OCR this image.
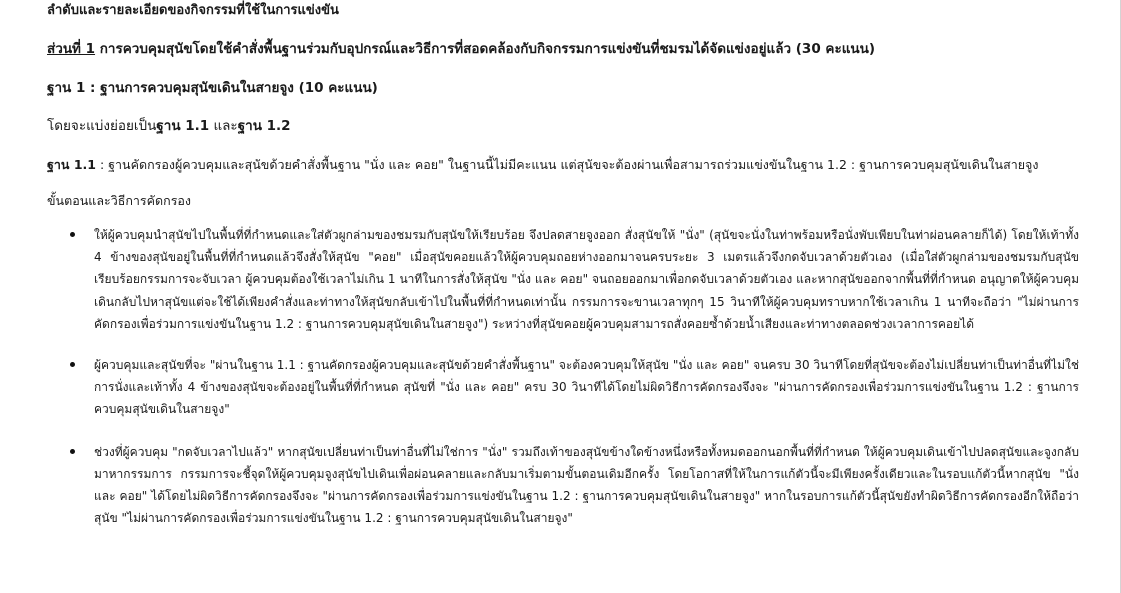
ลำดับและรายละเอียดของกิจกรรมที่ใช้ในการแข่งขัน
ส่วนที่ 1 การควบคุมสุนัขโดยใช้คำสั่งพื้นฐานร่วมกับอุปกรณ์และวิธีการที่สอดคล้องกับกิจกรรมการแข่งขันที่ชมรมได้จัดแข่งอยู่แล้ว (30 คะแนน)
ฐาน 1 : ฐานการควบคุมสุนัขเดินในสายจูง (10 คะแนน)
โดยจะแบ่งย่อยเป็นฐาน 1.1 และฐาน 1.2
ฐาน 1.1 : ฐานคัดกรองผู้ควบคุมและสุนัขด้วยคำสั่งพื้นฐาน "นั่ง และ คอย" ในฐานนี้ไม่มีคะแนน แต่สุนัขจะต้องผ่านเพื่อสามารถร่วมแข่งขันในฐาน 1.2 : ฐานการควบคุมสุนัขเดินในสายจูง
ขั้นตอนและวิธีการคัดกรอง
ให้ผู้ควบคุมนำสุนัขไปในพื้นที่ที่กำหนดและใส่ตัวผูกล่ามของชมรมกับสุนัขให้เรียบร้อย จึงปลดสายจูงออก สั่งสุนัขให้ "นั่ง" (สุนัขจะนั่งในท่าพร้อมหรือนั่งพับเพียบในท่าผ่อนคลายก็ได้) โดยให้เท้าทั้ง 4 ข้างของสุนัขอยู่ในพื้นที่ที่กำหนดแล้วจึงสั่งให้สุนัข "คอย" เมื่อสุนัขคอยแล้วให้ผู้ควบคุมถอยห่างออกมาจนครบระยะ 3 เมตรแล้วจึงกดจับเวลาด้วยตัวเอง (เมื่อใส่ตัวผูกล่ามของชมรมกับสุนัขเรียบร้อยกรรมการจะจับเวลา ผู้ควบคุมต้องใช้เวลาไม่เกิน 1 นาทีในการสั่งให้สุนัข "นั่ง และ คอย" จนถอยออกมาเพื่อกดจับเวลาด้วยตัวเอง และหากสุนัขออกจากพื้นที่ที่กำหนด อนุญาตให้ผู้ควบคุมเดินกลับไปหาสุนัขแต่จะใช้ได้เพียงคำสั่งและท่าทางให้สุนัขกลับเข้าไปในพื้นที่ที่กำหนดเท่านั้น กรรมการจะขานเวลาทุกๆ 15 วินาทีให้ผู้ควบคุมทราบหากใช้เวลาเกิน 1 นาทีจะถือว่า "ไม่ผ่านการคัดกรองเพื่อร่วมการแข่งขันในฐาน 1.2 : ฐานการควบคุมสุนัขเดินในสายจูง") ระหว่างที่สุนัขคอยผู้ควบคุมสามารถสั่งคอยซ้ำด้วยน้ำเสียงและท่าทางตลอดช่วงเวลาการคอยได้
ผู้ควบคุมและสุนัขที่จะ "ผ่านในฐาน 1.1 : ฐานคัดกรองผู้ควบคุมและสุนัขด้วยคำสั่งพื้นฐาน" จะต้องควบคุมให้สุนัข "นั่ง และ คอย" จนครบ 30 วินาทีโดยที่สุนัขจะต้องไม่เปลี่ยนท่าเป็นท่าอื่นที่ไม่ใช่การนั่งและเท้าทั้ง 4 ข้างของสุนัขจะต้องอยู่ในพื้นที่ที่กำหนด สุนัขที่ "นั่ง และ คอย" ครบ 30 วินาทีได้โดยไม่ผิดวิธีการคัดกรองจึงจะ "ผ่านการคัดกรองเพื่อร่วมการแข่งขันในฐาน 1.2 : ฐานการควบคุมสุนัขเดินในสายจูง"
ช่วงที่ผู้ควบคุม "กดจับเวลาไปแล้ว" หากสุนัขเปลี่ยนท่าเป็นท่าอื่นที่ไม่ใช่การ "นั่ง" รวมถึงเท้าของสุนัขข้างใดข้างหนึ่งหรือทั้งหมดออกนอกพื้นที่ที่กำหนด ให้ผู้ควบคุมเดินเข้าไปปลดสุนัขและจูงกลับมาหากรรมการ กรรมการจะชี้จุดให้ผู้ควบคุมจูงสุนัขไปเดินเพื่อผ่อนคลายและกลับมาเริ่มตามขั้นตอนเดิมอีกครั้ง โดยโอกาสที่ให้ในการแก้ตัวนี้จะมีเพียงครั้งเดียวและในรอบแก้ตัวนี้หากสุนัข "นั่ง และ คอย" ได้โดยไม่ผิดวิธีการคัดกรองจึงจะ "ผ่านการคัดกรองเพื่อร่วมการแข่งขันในฐาน 1.2 : ฐานการควบคุมสุนัขเดินในสายจูง" หากในรอบการแก้ตัวนี้สุนัขยังทำผิดวิธีการคัดกรองอีกให้ถือว่าสุนัข "ไม่ผ่านการคัดกรองเพื่อร่วมการแข่งขันในฐาน 1.2 : ฐานการควบคุมสุนัขเดินในสายจูง"
